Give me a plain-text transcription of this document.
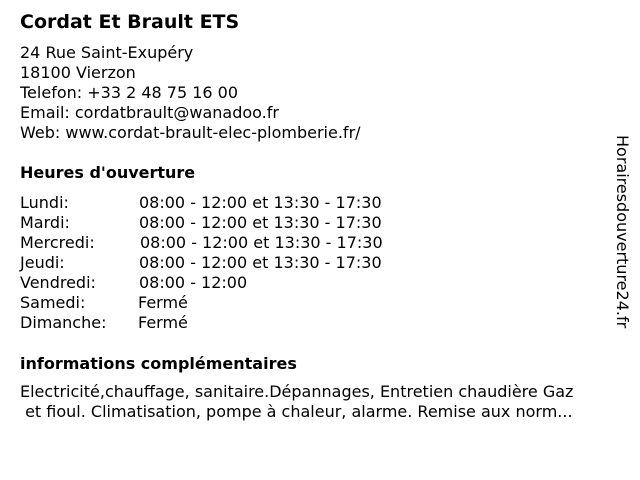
Cordat Et Brault ETS
24 Rue Saint-Exupéry
18100 Vierzon
Telefon: +33 2 48 75 16 00
Email: cordatbrault@wanadoo.fr
Web: www.cordat-brault-elec-plomberie.fr/
Heures d'ouverture
Lundi:	08:00 - 12:00 et 13:30 - 17:30
Mardi:	08:00 - 12:00 et 13:30 - 17:30
Mercredi:	08:00 - 12:00 et 13:30 - 17:30
Jeudi:	08:00 - 12:00 et 13:30 - 17:30
Vendredi:	08:00 - 12:00
Samedi:	Fermé
Dimanche: Fermé
informations complémentaires
Electricité,chauffage, sanitaire.Dépannages, Entretien chaudière Gaz
et fioul. Climatisation, pompe à chaleur, alarme. Remise aux norm...
Horairesdouverture24.fr
